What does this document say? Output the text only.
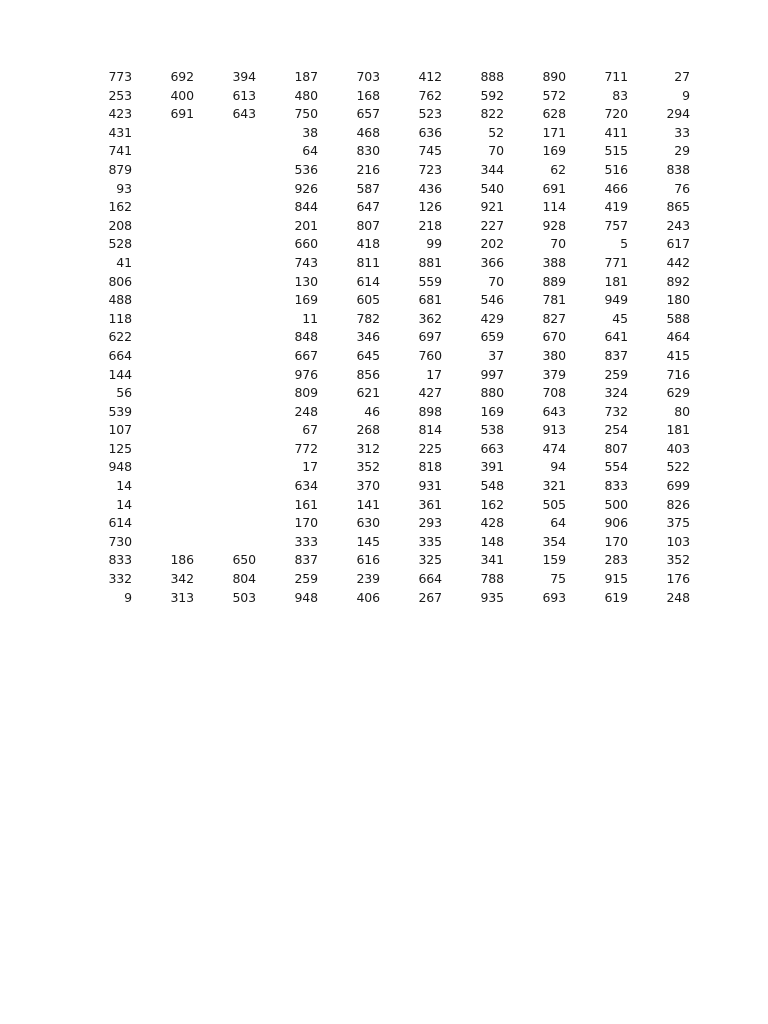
773	692	394	187	703	412	888	890	711	27
253	400	613	480	168	762	592	572	83	9
423	691	643	750	657	523	822	628	720	294
431			38	468	636	52	171	411	33
741			64	830	745	70	169	515	29
879			536	216	723	344	62	516	838
93			926	587	436	540	691	466	76
162			844	647	126	921	114	419	865
208			201	807	218	227	928	757	243
528			660	418	99	202	70	5	617
41			743	811	881	366	388	771	442
806			130	614	559	70	889	181	892
488			169	605	681	546	781	949	180
118			11	782	362	429	827	45	588
622			848	346	697	659	670	641	464
664			667	645	760	37	380	837	415
144			976	856	17	997	379	259	716
56			809	621	427	880	708	324	629
539			248	46	898	169	643	732	80
107			67	268	814	538	913	254	181
125			772	312	225	663	474	807	403
948			17	352	818	391	94	554	522
14			634	370	931	548	321	833	699
14			161	141	361	162	505	500	826
614			170	630	293	428	64	906	375
730			333	145	335	148	354	170	103
833	186	650	837	616	325	341	159	283	352
332	342	804	259	239	664	788	75	915	176
9	313	503	948	406	267	935	693	619	248
